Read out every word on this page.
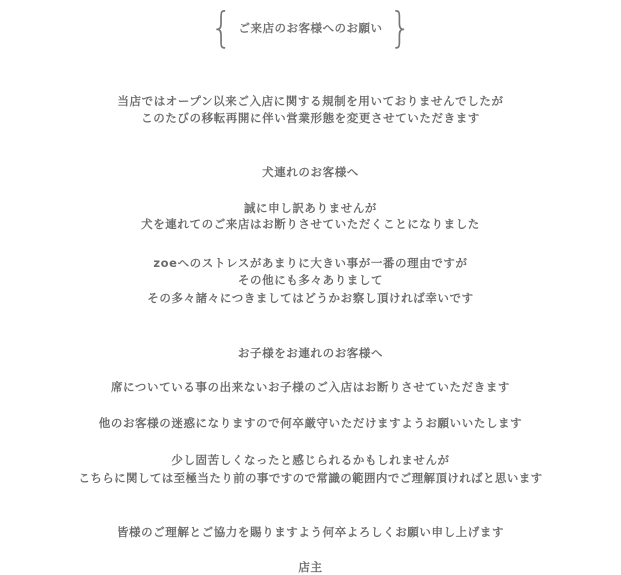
{ ご来店のお客様へのお願い }
当店ではオープン以来ご入店に関する規制を用いておりませんでしたが
このたびの移転再開に伴い営業形態を変更させていただきます
犬連れのお客様へ
誠に申し訳ありませんが
犬を連れてのご来店はお断りさせていただくことになりました
zoeへのストレスがあまりに大きい事が一番の理由ですが
その他にも多々ありまして
その多々諸々につきましてはどうかお察し頂ければ幸いです
お子様をお連れのお客様へ
席についている事の出来ないお子様のご入店はお断りさせていただきます
他のお客様の迷惑になりますので何卒厳守いただけますようお願いいたします
少し固苦しくなったと感じられるかもしれませんが
こちらに関しては至極当たり前の事ですので常識の範囲内でご理解頂ければと思います
皆様のご理解とご協力を賜りますよう何卒よろしくお願い申し上げます
店主
